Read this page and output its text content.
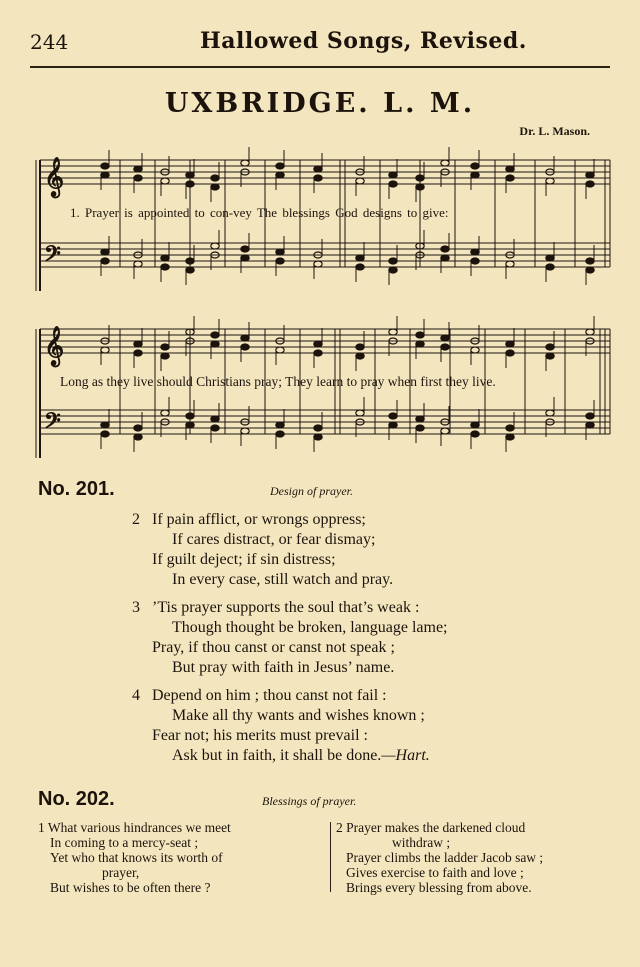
244	Hallowed Songs, Revised.
UXBRIDGE. L. M.
Dr. L. Mason.
𝄞
𝄞
𝄢
𝄢
1. Prayer is appointed to con-vey The blessings God designs to give:
Long as they live should Christians pray; They learn to pray when first they live.
No. 201.	Design of prayer.
2 If pain afflict, or wrongs oppress;
If cares distract, or fear dismay;
If guilt deject; if sin distress;
In every case, still watch and pray.
3 ’Tis prayer supports the soul that’s weak :
Though thought be broken, language lame;
Pray, if thou canst or canst not speak ;
But pray with faith in Jesus’ name.
4 Depend on him ; thou canst not fail :
Make all thy wants and wishes known ;
Fear not; his merits must prevail :
Ask but in faith, it shall be done.—Hart.
No. 202.	Blessings of prayer.
1 What various hindrances we meet
In coming to a mercy-seat ;
Yet who that knows its worth of
prayer,
But wishes to be often there ?
2 Prayer makes the darkened cloud
withdraw ;
Prayer climbs the ladder Jacob saw ;
Gives exercise to faith and love ;
Brings every blessing from above.
